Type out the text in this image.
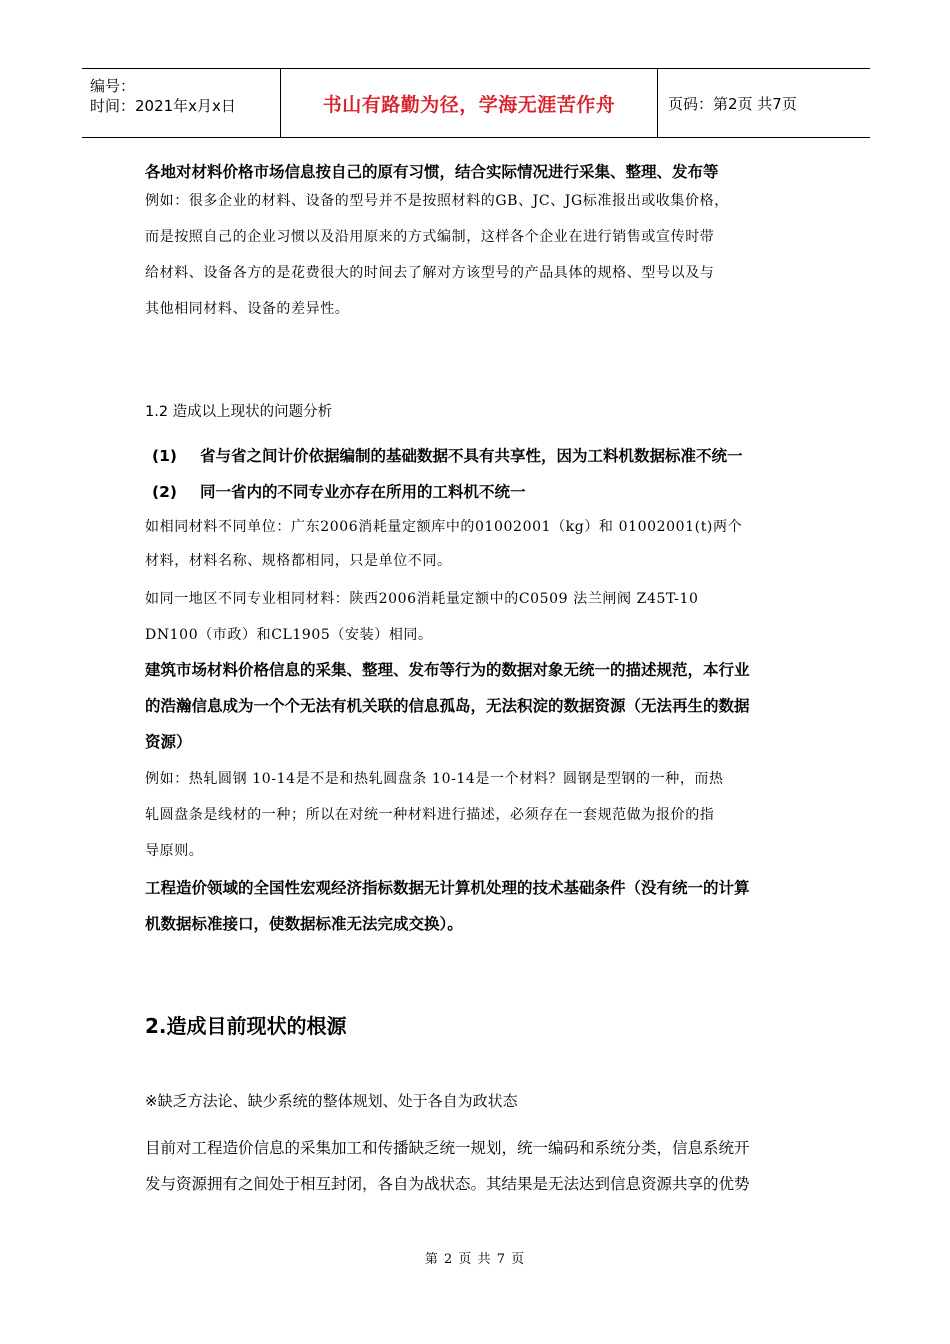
编号：
时间：2021年x月x日	书山有路勤为径，学海无涯苦作舟	页码：第2页 共7页
各地对材料价格市场信息按自己的原有习惯，结合实际情况进行采集、整理、发布等
例如：很多企业的材料、设备的型号并不是按照材料的GB、JC、JG标准报出或收集价格，
而是按照自己的企业习惯以及沿用原来的方式编制，这样各个企业在进行销售或宣传时带
给材料、设备各方的是花费很大的时间去了解对方该型号的产品具体的规格、型号以及与
其他相同材料、设备的差异性。
1.2 造成以上现状的问题分析
(1) 省与省之间计价依据编制的基础数据不具有共享性，因为工料机数据标准不统一
(2) 同一省内的不同专业亦存在所用的工料机不统一
如相同材料不同单位：广东2006消耗量定额库中的01002001（kg）和 01002001(t)两个
材料，材料名称、规格都相同，只是单位不同。
如同一地区不同专业相同材料：陕西2006消耗量定额中的C0509 法兰闸阀 Z45T-10
DN100（市政）和CL1905（安装）相同。
建筑市场材料价格信息的采集、整理、发布等行为的数据对象无统一的描述规范，本行业
的浩瀚信息成为一个个无法有机关联的信息孤岛，无法积淀的数据资源（无法再生的数据
资源）
例如：热轧圆钢 10-14是不是和热轧圆盘条 10-14是一个材料？圆钢是型钢的一种，而热
轧圆盘条是线材的一种；所以在对统一种材料进行描述，必须存在一套规范做为报价的指
导原则。
工程造价领域的全国性宏观经济指标数据无计算机处理的技术基础条件（没有统一的计算
机数据标准接口，使数据标准无法完成交换）。
2.造成目前现状的根源
※缺乏方法论、缺少系统的整体规划、处于各自为政状态
目前对工程造价信息的采集加工和传播缺乏统一规划，统一编码和系统分类，信息系统开
发与资源拥有之间处于相互封闭，各自为战状态。其结果是无法达到信息资源共享的优势
第 2 页 共 7 页
